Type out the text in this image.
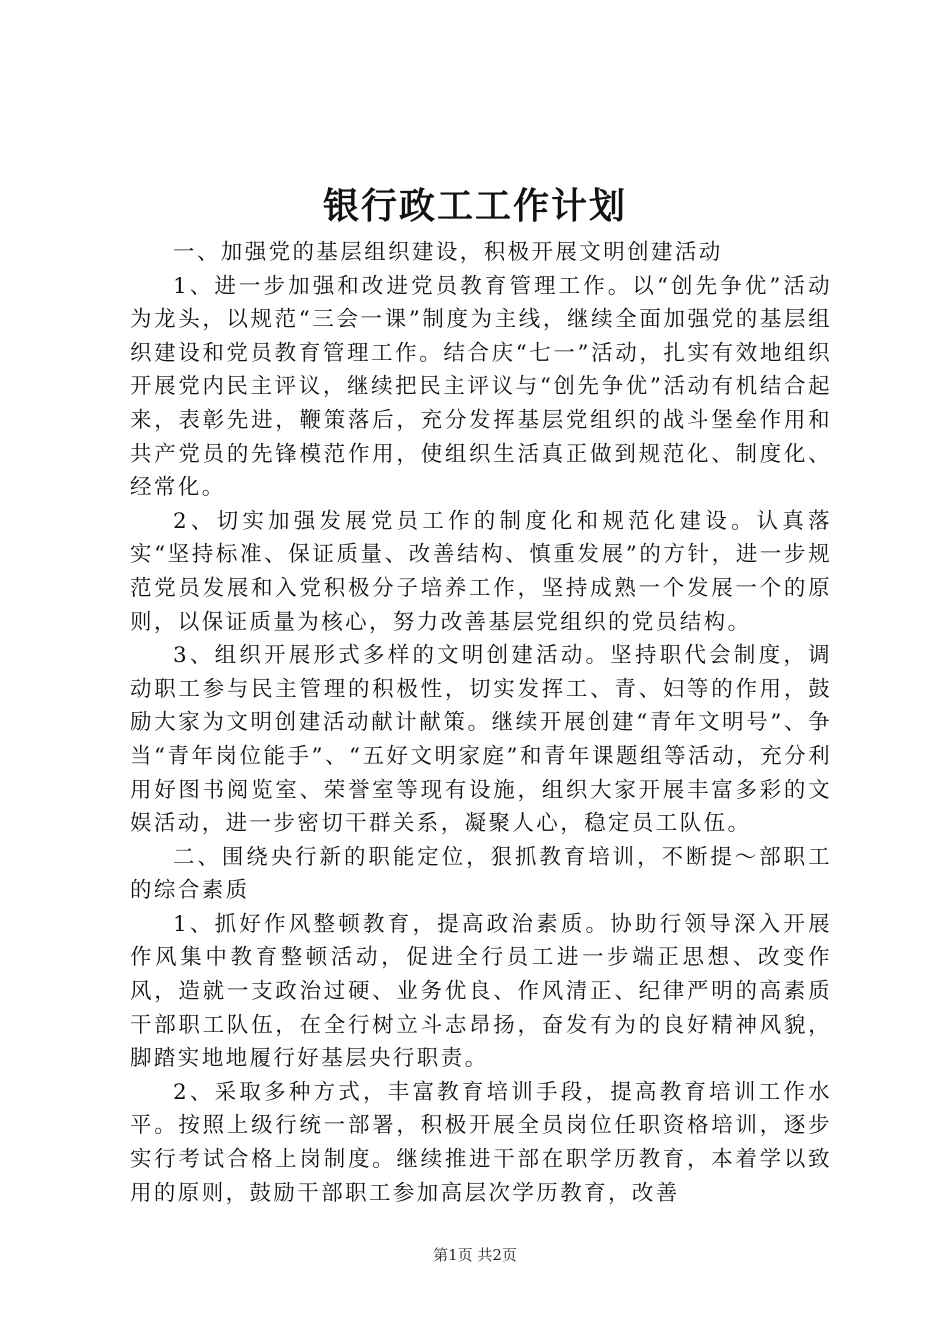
银行政工工作计划

一、加强党的基层组织建设，积极开展文明创建活动

1、进一步加强和改进党员教育管理工作。以“创先争优”活动为龙头，以规范“三会一课”制度为主线，继续全面加强党的基层组织建设和党员教育管理工作。结合庆“七一”活动，扎实有效地组织开展党内民主评议，继续把民主评议与“创先争优”活动有机结合起来，表彰先进，鞭策落后，充分发挥基层党组织的战斗堡垒作用和共产党员的先锋模范作用，使组织生活真正做到规范化、制度化、经常化。

2、切实加强发展党员工作的制度化和规范化建设。认真落实“坚持标准、保证质量、改善结构、慎重发展”的方针，进一步规范党员发展和入党积极分子培养工作，坚持成熟一个发展一个的原则，以保证质量为核心，努力改善基层党组织的党员结构。

3、组织开展形式多样的文明创建活动。坚持职代会制度，调动职工参与民主管理的积极性，切实发挥工、青、妇等的作用，鼓励大家为文明创建活动献计献策。继续开展创建“青年文明号”、争当“青年岗位能手”、“五好文明家庭”和青年课题组等活动，充分利用好图书阅览室、荣誉室等现有设施，组织大家开展丰富多彩的文娱活动，进一步密切干群关系，凝聚人心，稳定员工队伍。

二、围绕央行新的职能定位，狠抓教育培训，不断提～部职工的综合素质

1、抓好作风整顿教育，提高政治素质。协助行领导深入开展作风集中教育整顿活动，促进全行员工进一步端正思想、改变作风，造就一支政治过硬、业务优良、作风清正、纪律严明的高素质干部职工队伍，在全行树立斗志昂扬，奋发有为的良好精神风貌，脚踏实地地履行好基层央行职责。

2、采取多种方式，丰富教育培训手段，提高教育培训工作水平。按照上级行统一部署，积极开展全员岗位任职资格培训，逐步实行考试合格上岗制度。继续推进干部在职学历教育，本着学以致用的原则，鼓励干部职工参加高层次学历教育，改善

第1页 共2页
